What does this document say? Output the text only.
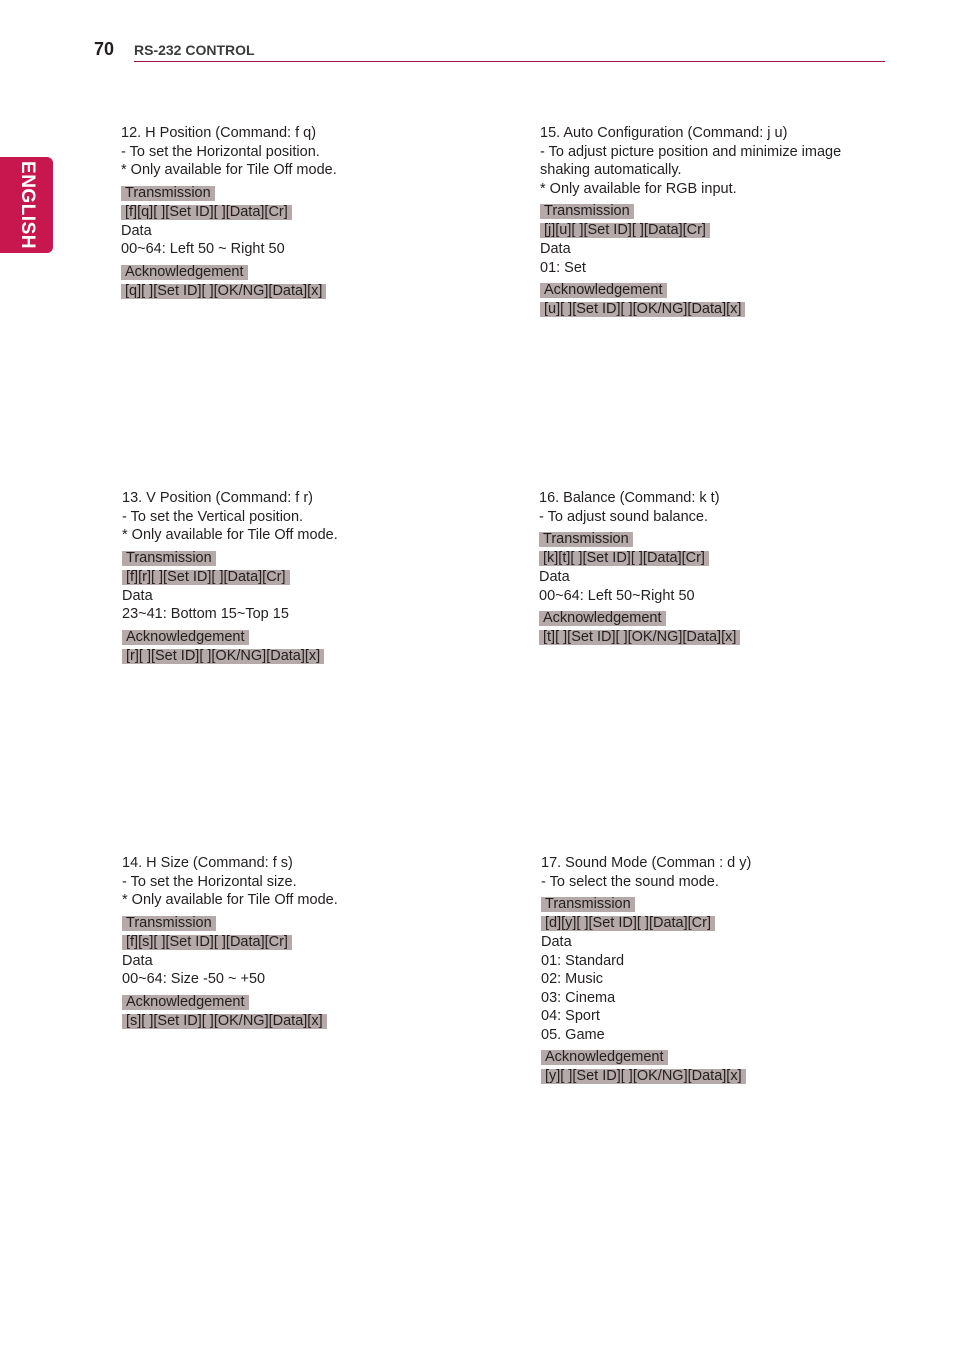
70 RS-232 CONTROL
ENGLISH
12. H Position (Command: f q)
- To set the Horizontal position.
* Only available for Tile Off mode.
Transmission
[f][q][ ][Set ID][ ][Data][Cr]
Data
00~64: Left 50 ~ Right 50
Acknowledgement
[q][ ][Set ID][ ][OK/NG][Data][x]
13. V Position (Command: f r)
- To set the Vertical position.
* Only available for Tile Off mode.
Transmission
[f][r][ ][Set ID][ ][Data][Cr]
Data
23~41: Bottom 15~Top 15
Acknowledgement
[r][ ][Set ID][ ][OK/NG][Data][x]
14. H Size (Command: f s)
- To set the Horizontal size.
* Only available for Tile Off mode.
Transmission
[f][s][ ][Set ID][ ][Data][Cr]
Data
00~64: Size -50 ~ +50
Acknowledgement
[s][ ][Set ID][ ][OK/NG][Data][x]
15. Auto Configuration (Command: j u)
- To adjust picture position and minimize image
shaking automatically.
* Only available for RGB input.
Transmission
[j][u][ ][Set ID][ ][Data][Cr]
Data
01: Set
Acknowledgement
[u][ ][Set ID][ ][OK/NG][Data][x]
16. Balance (Command: k t)
- To adjust sound balance.
Transmission
[k][t][ ][Set ID][ ][Data][Cr]
Data
00~64: Left 50~Right 50
Acknowledgement
[t][ ][Set ID][ ][OK/NG][Data][x]
17. Sound Mode (Comman : d y)
- To select the sound mode.
Transmission
[d][y][ ][Set ID][ ][Data][Cr]
Data
01: Standard
02: Music
03: Cinema
04: Sport
05. Game
Acknowledgement
[y][ ][Set ID][ ][OK/NG][Data][x]
